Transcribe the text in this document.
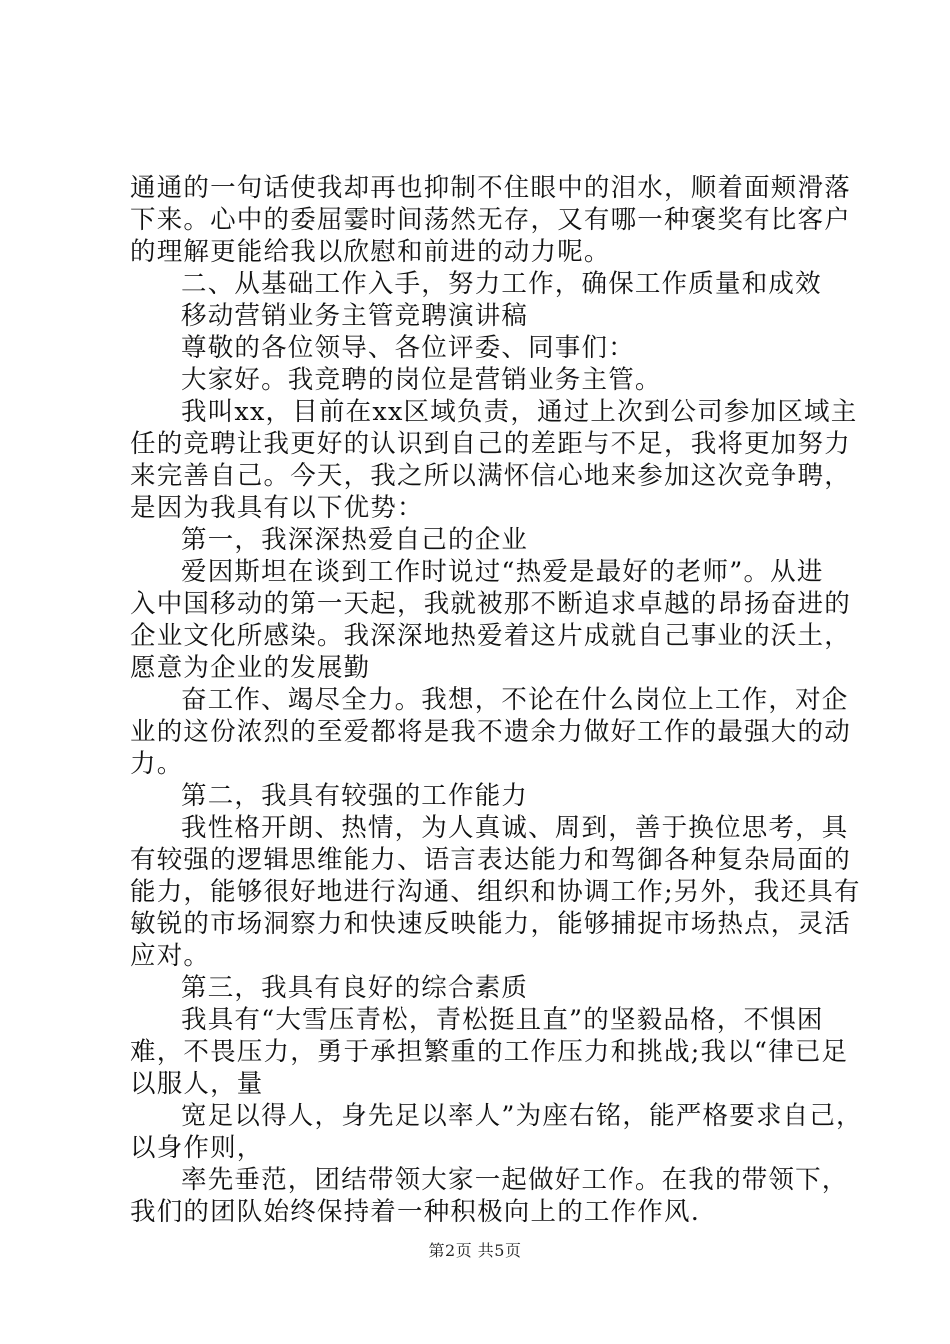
通通的一句话使我却再也抑制不住眼中的泪水，顺着面颊滑落
下来。心中的委屈霎时间荡然无存，又有哪一种褒奖有比客户
的理解更能给我以欣慰和前进的动力呢。
二、从基础工作入手，努力工作，确保工作质量和成效
移动营销业务主管竞聘演讲稿
尊敬的各位领导、各位评委、同事们：
大家好。我竞聘的岗位是营销业务主管。
我叫xx，目前在xx区域负责，通过上次到公司参加区域主
任的竞聘让我更好的认识到自己的差距与不足，我将更加努力
来完善自己。今天，我之所以满怀信心地来参加这次竞争聘，
是因为我具有以下优势：
第一，我深深热爱自己的企业
爱因斯坦在谈到工作时说过“热爱是最好的老师”。从进
入中国移动的第一天起，我就被那不断追求卓越的昂扬奋进的
企业文化所感染。我深深地热爱着这片成就自己事业的沃土，
愿意为企业的发展勤
奋工作、竭尽全力。我想，不论在什么岗位上工作，对企
业的这份浓烈的至爱都将是我不遗余力做好工作的最强大的动
力。
第二，我具有较强的工作能力
我性格开朗、热情，为人真诚、周到，善于换位思考，具
有较强的逻辑思维能力、语言表达能力和驾御各种复杂局面的
能力，能够很好地进行沟通、组织和协调工作;另外，我还具有
敏锐的市场洞察力和快速反映能力，能够捕捉市场热点，灵活
应对。
第三，我具有良好的综合素质
我具有“大雪压青松，青松挺且直”的坚毅品格，不惧困
难，不畏压力，勇于承担繁重的工作压力和挑战;我以“律已足
以服人，量
宽足以得人，身先足以率人”为座右铭，能严格要求自己，
以身作则，
率先垂范，团结带领大家一起做好工作。在我的带领下，
我们的团队始终保持着一种积极向上的工作作风.
第2页 共5页
